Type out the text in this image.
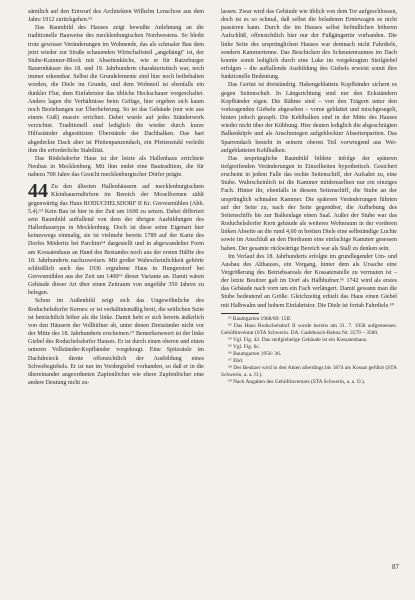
sämtlich auf den Entwurf des Architekten Wilhelm Lenschow aus dem Jahre 1912 zurückgehen.⁶²

Das Raumbild des Hauses zeigt bewußte Anlehnung an die traditionelle Bauweise des mecklenburgischen Nordwestens. So bleibt trotz gewisser Veränderungen im Wohnende, das als schmaler Bau dem jetzt wieder zur Straße schauenden Wirtschaftsteil „angehängt" ist, der Stube-Kammer-Block mit Abseitenküche, wie er für Ratzeburger Bauernhäuser des 18. und 19. Jahrhunderts charakteristisch war, noch immer erkennbar. Selbst die Grundelemente sind hier noch beibehalten worden, die Diele im Grunde, und dem Wohnteil ist ebenfalls ein dunkler Flur, dem Einfahrtstor das übliche Heckschauer vorgeschaltet. Anders lagen die Verhältnisse beim Gefüge, hier ergeben sich kaum noch Beziehungen zur Überlieferung. So ist das Gebäude (nur wie aus einem Guß) massiv errichtet. Dabei wurde auf jedes Ständerwerk verzichtet. Traditionell sind lediglich die wieder durch kurze Hilfsständer abgestützten Überstände der Dachbalken. Das hart abgedeckte Dach aber ist Pfettenpanzendach, ein Pfettenstuhl verleiht ihm die erforderliche Stabilität.

Das Rödelsdorfer Haus ist der letzte als Hallenhaus errichtete Neubau in Mecklenburg. Mit ihm endet eine Bautradition, die für nahezu 700 Jahre das Gesicht mecklenburgischer Dörfer prägte.

44 Zu den ältesten Hallenhäusern auf mecklenburgischem Kleinbauerndörfern im Bereich der Moselformen zählt gegenwärtig das Haus RODUCHELSDORF II Kr. Grevesmühlen (Abb. 5.4).⁶³ Kein Bau ist hier in der Zeit um 1600 zu setzen. Dabei differiert sein Raumbild auffallend von dem der übrigen Ausbildungen des Hallenhaustyps in Mecklenburg. Doch ist diese seine Eigenart hier keineswegs einmalig, sie ist vielmehr bereits 1789 auf der Karte des Dorfes Möderitz bei Parchim⁶⁴ dargestellt und in abgewandelter Form am Kossatenhaus an Hand des Bestandes noch aus der ersten Hälfte des 18. Jahrhunderts nachzuweisen. Mit großer Wahrscheinlichkeit gehörte schließlich auch das 1936 ergrabene Haus in Hungerstorf bei Grevesmühlen aus der Zeit um 1400⁶⁵ dieser Variante an. Damit wären Gebäude dieser Art über einen Zeitraum von ungefähr 350 Jahren zu belegen.

Schon im Außenbild zeigt sich das Ungewöhnliche des Roduchelsdorfer Kernes: er ist verhältnismäßig breit, die seitlichen Seite ist beträchtlich höher als die linke. Damit hebt er sich bereits äußerlich von den Häusern der Vollhüfner ab, unter denen Dreiständer nicht vor der Mitte des 18. Jahrhunderts erscheinen.⁶⁷ Bemerkenswert ist der linke Giebel des Roduchelsdorfer Hauses. Er ist durch einen oberen und einen unteren Vollständer-Kopfbänder vorgekragt. Eine Spitzsäule im Dachdreieck diente offensichtlich der Ausbildung eines Schwebegiebels. Er ist nur im Vordergiebel vorhanden, so daß er in die übereinander angeordneten Zapfenlöcher wie ehere Zapfenlöcher eine andere Deutung nicht zu-

lassen. Zwar wird das Gebäude wie üblich von dem Tor aufgeschlossen, doch ist es so schmal, daß selbst die beladenen Erntewagen es nicht passieren kann. Durch die im Hauses selbst befindlichen höheren Aufschlüß, offensichtlich hier nur der Fußgängertür vorhanden. Die linke Seite des ursprünglichen Hauses war demnach nicht Fahrdiele, sondern Kammertenne. Das Beschicken des Scheunenraumes im Dach konnte somit lediglich durch eine Luke im vorgekragten Steilgiebel erfolgen – die auffallende Ausbildung des Giebels erweist somit ihre funktionelle Bedeutung.

Das Gerüst ist dreiständrig. Hakengeblattete Kopfbänder sichern es gegen Seitenschub. In Längsrichtung sind nur den Eckständern Kopfbänder eigen. Die Rähme sind – von den Trägern unter den vorkragenden Giebeln abgesehen – vorne geblattet und mischgesegelt, hinten jedoch gezapft. Die Kehlbalken sind in der Mitte des Hauses wieder nicht über der Kübbung. Hier deuten lediglich die abgeschrägten Balkenköpfe und als Anschmiegen aufgeblockter Abseitenpartien. Das Sparrendach besteht in seinem oberen Teil vorwiegend aus Wei-aufgeblatteten Kehlbalken.

Das ursprüngliche Raumbild bildete infolge der späteren tiefgreifenden Veränderungen in Einzelheiten hypothetisch. Gesichert erscheint in jedem Falle das rechte Seitenschiff, der Aufsahrt zu, eine Stube. Wahrscheinlich ist die Kammer mitdemselben nur ein einziges Fach. Hinter ihr, ebenfalls in diesem Seitenschiff, die Stube an der ursprünglich schmalen Kammer. Die späteren Veränderungen führten auf der Seite zu, nach der Seite gegenüber, die Aufhebung des Seitenschiffs bis zur Balkenlage einen Saal. Außer der Stube war das Roduchelsdorfer Kern gebäude als weiteres Wohnraum in der vorderen linken Abseite an die rund 4,60 m breiten Diele eine selbständige Luchte sowie im Anschluß an den Herdraum eine einfachige Kammer gesessen haben. Der gesamte rückwärtige Bereich war als Stall zu denken sein.

Im Verlauf des 18. Jahrhunderts erfolgte im grundlegender Um- und Ausbau des Althauses, ein Vorgang, hinter dem als Ursache eine Vergrößerung des Betriebsareals der Kossatenstelle zu vermuten ist – der letzte Besitzer galt im Dorf als Halbhufner.⁶⁶ 1742 wird als erstes das Gebäude nach vorn um ein Fach verlängert. Damit gewann man die Stube bedeutend an Größe. Gleichzeitig erhielt das Haus einen Giebel mit Halbwalm und hohem Einfahrtstor. Die Diele ist fortab Fahrdiele.⁶⁹

⁶² Baumgarten 1968/69: 15ff.

⁶³ Das Haus Roduchelsdorf II wurde bereits am 31. 7. 1958 aufgemessen. Gehöftinventar (STA Schwerin. DA. Gadebusch-Rehna Nr. 3579 – 3580.

⁶⁴ Vgl. Fig. 42. Das steilgiebelige Gebäude ist ein Kossatenhaus.

⁶⁵ Vgl. Fig. 6c.

⁶⁶ Baumgarten 1956: 36.

⁶⁷ Ebd.

⁶⁸ Der Besitzer wird in den Akten allerdings bis 1874 als Kossat geführt (STA Schwerin, a. a. O.).

⁶⁹ Nach Angaben des Gehöftinventars (STA Schwerin, a. a. O.).

87
